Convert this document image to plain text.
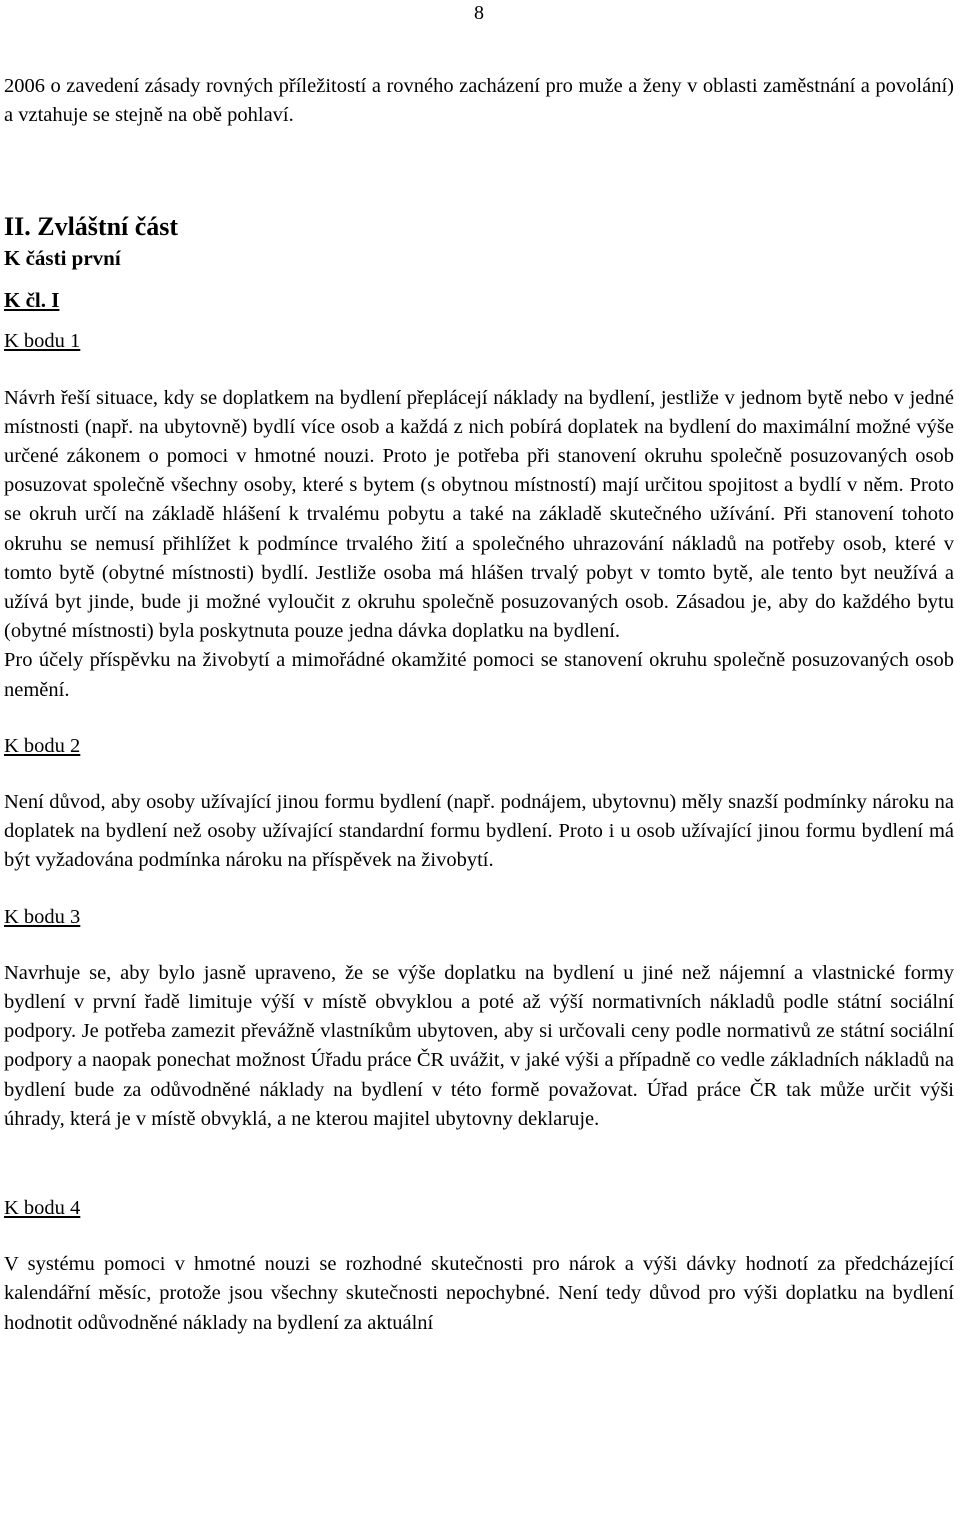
8

2006 o zavedení zásady rovných příležitostí a rovného zacházení pro muže a ženy v oblasti zaměstnání a povolání) a vztahuje se stejně na obě pohlaví.

II. Zvláštní část
K části první
K čl. I
K bodu 1

Návrh řeší situace, kdy se doplatkem na bydlení přeplácejí náklady na bydlení, jestliže v jednom bytě nebo v jedné místnosti (např. na ubytovně) bydlí více osob a každá z nich pobírá doplatek na bydlení do maximální možné výše určené zákonem o pomoci v hmotné nouzi. Proto je potřeba při stanovení okruhu společně posuzovaných osob posuzovat společně všechny osoby, které s bytem (s obytnou místností) mají určitou spojitost a bydlí v něm. Proto se okruh určí na základě hlášení k trvalému pobytu a také na základě skutečného užívání. Při stanovení tohoto okruhu se nemusí přihlížet k podmínce trvalého žití a společného uhrazování nákladů na potřeby osob, které v tomto bytě (obytné místnosti) bydlí. Jestliže osoba má hlášen trvalý pobyt v tomto bytě, ale tento byt neužívá a užívá byt jinde, bude ji možné vyloučit z okruhu společně posuzovaných osob. Zásadou je, aby do každého bytu (obytné místnosti) byla poskytnuta pouze jedna dávka doplatku na bydlení.

Pro účely příspěvku na živobytí a mimořádné okamžité pomoci se stanovení okruhu společně posuzovaných osob nemění.

K bodu 2

Není důvod, aby osoby užívající jinou formu bydlení (např. podnájem, ubytovnu) měly snazší podmínky nároku na doplatek na bydlení než osoby užívající standardní formu bydlení. Proto i u osob užívající jinou formu bydlení má být vyžadována podmínka nároku na příspěvek na živobytí.

K bodu 3

Navrhuje se, aby bylo jasně upraveno, že se výše doplatku na bydlení u jiné než nájemní a vlastnické formy bydlení v první řadě limituje výší v místě obvyklou a poté až výší normativních nákladů podle státní sociální podpory. Je potřeba zamezit převážně vlastníkům ubytoven, aby si určovali ceny podle normativů ze státní sociální podpory a naopak ponechat možnost Úřadu práce ČR uvážit, v jaké výši a případně co vedle základních nákladů na bydlení bude za odůvodněné náklady na bydlení v této formě považovat. Úřad práce ČR tak může určit výši úhrady, která je v místě obvyklá, a ne kterou majitel ubytovny deklaruje.

K bodu 4

V systému pomoci v hmotné nouzi se rozhodné skutečnosti pro nárok a výši dávky hodnotí za předcházející kalendářní měsíc, protože jsou všechny skutečnosti nepochybné. Není tedy důvod pro výši doplatku na bydlení hodnotit odůvodněné náklady na bydlení za aktuální
